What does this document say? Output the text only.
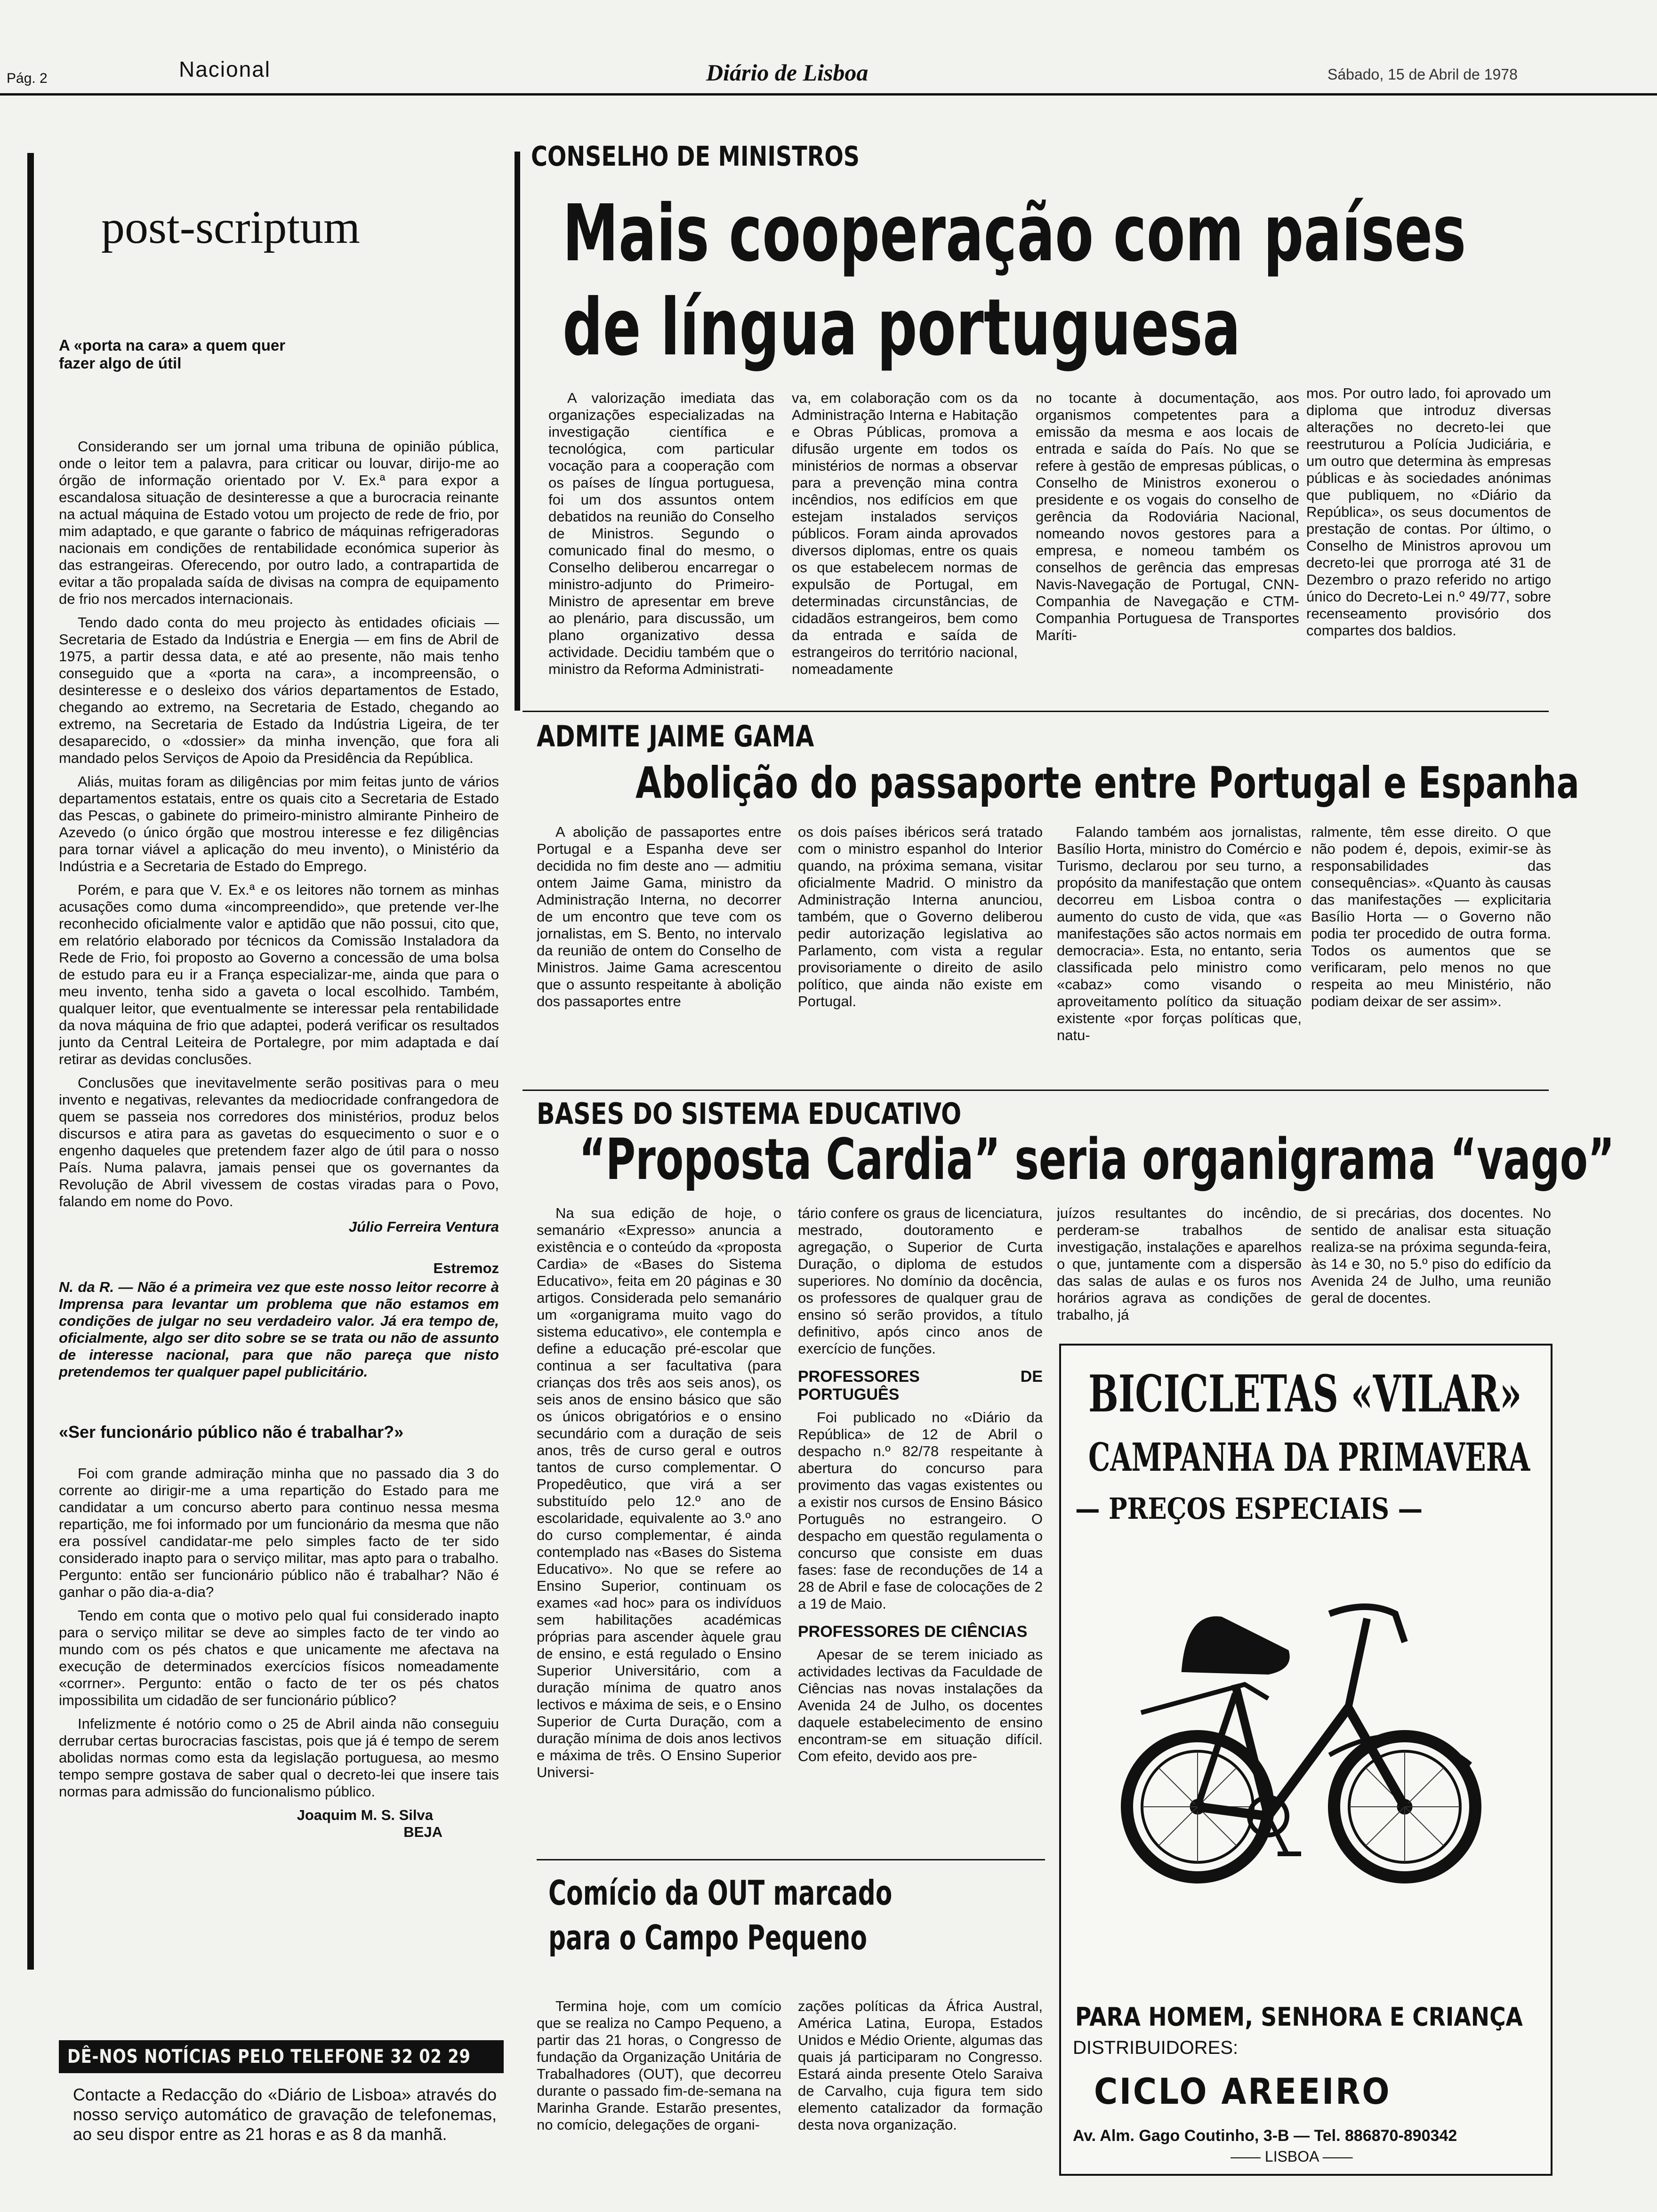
Pág. 2	Nacional	Diário de Lisboa	Sábado, 15 de Abril de 1978
post-scriptum
A «porta na cara» a quem quer fazer algo de útil

Considerando ser um jornal uma tribuna de opinião pública, onde o leitor tem a palavra, para criticar ou louvar, dirijo-me ao órgão de informação orientado por V. Ex.ª para expor a escandalosa situação de desinteresse a que a burocracia reinante na actual máquina de Estado votou um projecto de rede de frio, por mim adaptado, e que garante o fabrico de máquinas refrigeradoras nacionais em condições de rentabilidade económica superior às das estrangeiras. Oferecendo, por outro lado, a contrapartida de evitar a tão propalada saída de divisas na compra de equipamento de frio nos mercados internacionais.

Tendo dado conta do meu projecto às entidades oficiais — Secretaria de Estado da Indústria e Energia — em fins de Abril de 1975, a partir dessa data, e até ao presente, não mais tenho conseguido que a «porta na cara», a incompreensão, o desinteresse e o desleixo dos vários departamentos de Estado, chegando ao extremo, na Secretaria de Estado, chegando ao extremo, na Secretaria de Estado da Indústria Ligeira, de ter desaparecido, o «dossier» da minha invenção, que fora ali mandado pelos Serviços de Apoio da Presidência da República.

Aliás, muitas foram as diligências por mim feitas junto de vários departamentos estatais, entre os quais cito a Secretaria de Estado das Pescas, o gabinete do primeiro-ministro almirante Pinheiro de Azevedo (o único órgão que mostrou interesse e fez diligências para tornar viável a aplicação do meu invento), o Ministério da Indústria e a Secretaria de Estado do Emprego.

Porém, e para que V. Ex.ª e os leitores não tornem as minhas acusações como duma «incompreendido», que pretende ver-lhe reconhecido oficialmente valor e aptidão que não possui, cito que, em relatório elaborado por técnicos da Comissão Instaladora da Rede de Frio, foi proposto ao Governo a concessão de uma bolsa de estudo para eu ir a França especializar-me, ainda que para o meu invento, tenha sido a gaveta o local escolhido. Também, qualquer leitor, que eventualmente se interessar pela rentabilidade da nova máquina de frio que adaptei, poderá verificar os resultados junto da Central Leiteira de Portalegre, por mim adaptada e daí retirar as devidas conclusões.

Conclusões que inevitavelmente serão positivas para o meu invento e negativas, relevantes da mediocridade confrangedora de quem se passeia nos corredores dos ministérios, produz belos discursos e atira para as gavetas do esquecimento o suor e o engenho daqueles que pretendem fazer algo de útil para o nosso País. Numa palavra, jamais pensei que os governantes da Revolução de Abril vivessem de costas viradas para o Povo, falando em nome do Povo.

Júlio Ferreira Ventura
Estremoz
N. da R. — Não é a primeira vez que este nosso leitor recorre à Imprensa para levantar um problema que não estamos em condições de julgar no seu verdadeiro valor. Já era tempo de, oficialmente, algo ser dito sobre se se trata ou não de assunto de interesse nacional, para que não pareça que nisto pretendemos ter qualquer papel publicitário.
«Ser funcionário público não é trabalhar?»

Foi com grande admiração minha que no passado dia 3 do corrente ao dirigir-me a uma repartição do Estado para me candidatar a um concurso aberto para continuo nessa mesma repartição, me foi informado por um funcionário da mesma que não era possível candidatar-me pelo simples facto de ter sido considerado inapto para o serviço militar, mas apto para o trabalho. Pergunto: então ser funcionário público não é trabalhar? Não é ganhar o pão dia-a-dia?

Tendo em conta que o motivo pelo qual fui considerado inapto para o serviço militar se deve ao simples facto de ter vindo ao mundo com os pés chatos e que unicamente me afectava na execução de determinados exercícios físicos nomeadamente «corrner». Pergunto: então o facto de ter os pés chatos impossibilita um cidadão de ser funcionário público?

Infelizmente é notório como o 25 de Abril ainda não conseguiu derrubar certas burocracias fascistas, pois que já é tempo de serem abolidas normas como esta da legislação portuguesa, ao mesmo tempo sempre gostava de saber qual o decreto-lei que insere tais normas para admissão do funcionalismo público.

Joaquim M. S. Silva
BEJA
DÊ-NOS NOTÍCIAS PELO TELEFONE 32 02 29
Contacte a Redacção do «Diário de Lisboa» através do nosso serviço automático de gravação de telefonemas, ao seu dispor entre as 21 horas e as 8 da manhã.
CONSELHO DE MINISTROS
Mais cooperação com países
de língua portuguesa

A valorização imediata das organizações especializadas na investigação científica e tecnológica, com particular vocação para a cooperação com os países de língua portuguesa, foi um dos assuntos ontem debatidos na reunião do Conselho de Ministros. Segundo o comunicado final do mesmo, o Conselho deliberou encarregar o ministro-adjunto do Primeiro-Ministro de apresentar em breve ao plenário, para discussão, um plano organizativo dessa actividade. Decidiu também que o ministro da Reforma Administrati-

va, em colaboração com os da Administração Interna e Habitação e Obras Públicas, promova a difusão urgente em todos os ministérios de normas a observar para a prevenção mina contra incêndios, nos edifícios em que estejam instalados serviços públicos. Foram ainda aprovados diversos diplomas, entre os quais os que estabelecem normas de expulsão de Portugal, em determinadas circunstâncias, de cidadãos estrangeiros, bem como da entrada e saída de estrangeiros do território nacional, nomeadamente

no tocante à documentação, aos organismos competentes para a emissão da mesma e aos locais de entrada e saída do País. No que se refere à gestão de empresas públicas, o Conselho de Ministros exonerou o presidente e os vogais do conselho de gerência da Rodoviária Nacional, nomeando novos gestores para a empresa, e nomeou também os conselhos de gerência das empresas Navis-Navegação de Portugal, CNN-Companhia de Navegação e CTM-Companhia Portuguesa de Transportes Maríti-

mos. Por outro lado, foi aprovado um diploma que introduz diversas alterações no decreto-lei que reestruturou a Polícia Judiciária, e um outro que determina às empresas públicas e às sociedades anónimas que publiquem, no «Diário da República», os seus documentos de prestação de contas. Por último, o Conselho de Ministros aprovou um decreto-lei que prorroga até 31 de Dezembro o prazo referido no artigo único do Decreto-Lei n.º 49/77, sobre recenseamento provisório dos compartes dos baldios.

ADMITE JAIME GAMA
Abolição do passaporte entre Portugal e Espanha

A abolição de passaportes entre Portugal e a Espanha deve ser decidida no fim deste ano — admitiu ontem Jaime Gama, ministro da Administração Interna, no decorrer de um encontro que teve com os jornalistas, em S. Bento, no intervalo da reunião de ontem do Conselho de Ministros. Jaime Gama acrescentou que o assunto respeitante à abolição dos passaportes entre

os dois países ibéricos será tratado com o ministro espanhol do Interior quando, na próxima semana, visitar oficialmente Madrid. O ministro da Administração Interna anunciou, também, que o Governo deliberou pedir autorização legislativa ao Parlamento, com vista a regular provisoriamente o direito de asilo político, que ainda não existe em Portugal.

Falando também aos jornalistas, Basílio Horta, ministro do Comércio e Turismo, declarou por seu turno, a propósito da manifestação que ontem decorreu em Lisboa contra o aumento do custo de vida, que «as manifestações são actos normais em democracia». Esta, no entanto, seria classificada pelo ministro como «cabaz» como visando o aproveitamento político da situação existente «por forças políticas que, natu-

ralmente, têm esse direito. O que não podem é, depois, eximir-se às responsabilidades das consequências». «Quanto às causas das manifestações — explicitaria Basílio Horta — o Governo não podia ter procedido de outra forma. Todos os aumentos que se verificaram, pelo menos no que respeita ao meu Ministério, não podiam deixar de ser assim».

BASES DO SISTEMA EDUCATIVO
“Proposta Cardia” seria organigrama “vago”

Na sua edição de hoje, o semanário «Expresso» anuncia a existência e o conteúdo da «proposta Cardia» de «Bases do Sistema Educativo», feita em 20 páginas e 30 artigos. Considerada pelo semanário um «organigrama muito vago do sistema educativo», ele contempla e define a educação pré-escolar que continua a ser facultativa (para crianças dos três aos seis anos), os seis anos de ensino básico que são os únicos obrigatórios e o ensino secundário com a duração de seis anos, três de curso geral e outros tantos de curso complementar. O Propedêutico, que virá a ser substituído pelo 12.º ano de escolaridade, equivalente ao 3.º ano do curso complementar, é ainda contemplado nas «Bases do Sistema Educativo». No que se refere ao Ensino Superior, continuam os exames «ad hoc» para os indivíduos sem habilitações académicas próprias para ascender àquele grau de ensino, e está regulado o Ensino Superior Universitário, com a duração mínima de quatro anos lectivos e máxima de seis, e o Ensino Superior de Curta Duração, com a duração mínima de dois anos lectivos e máxima de três. O Ensino Superior Universi-

tário confere os graus de licenciatura, mestrado, doutoramento e agregação, o Superior de Curta Duração, o diploma de estudos superiores. No domínio da docência, os professores de qualquer grau de ensino só serão providos, a título definitivo, após cinco anos de exercício de funções.

PROFESSORES DE PORTUGUÊS

Foi publicado no «Diário da República» de 12 de Abril o despacho n.º 82/78 respeitante à abertura do concurso para provimento das vagas existentes ou a existir nos cursos de Ensino Básico Português no estrangeiro. O despacho em questão regulamenta o concurso que consiste em duas fases: fase de reconduções de 14 a 28 de Abril e fase de colocações de 2 a 19 de Maio.

PROFESSORES DE CIÊNCIAS

Apesar de se terem iniciado as actividades lectivas da Faculdade de Ciências nas novas instalações da Avenida 24 de Julho, os docentes daquele estabelecimento de ensino encontram-se em situação difícil. Com efeito, devido aos pre-

juízos resultantes do incêndio, perderam-se trabalhos de investigação, instalações e aparelhos o que, juntamente com a dispersão das salas de aulas e os furos nos horários agrava as condições de trabalho, já

de si precárias, dos docentes. No sentido de analisar esta situação realiza-se na próxima segunda-feira, às 14 e 30, no 5.º piso do edifício da Avenida 24 de Julho, uma reunião geral de docentes.

BICICLETAS «VILAR»
CAMPANHA DA PRIMAVERA
— PREÇOS ESPECIAIS —
PARA HOMEM, SENHORA E CRIANÇA
DISTRIBUIDORES:
CICLO AREEIRO
Av. Alm. Gago Coutinho, 3-B — Tel. 886870-890342
—— LISBOA ——
Comício da OUT marcado
para o Campo Pequeno

Termina hoje, com um comício que se realiza no Campo Pequeno, a partir das 21 horas, o Congresso de fundação da Organização Unitária de Trabalhadores (OUT), que decorreu durante o passado fim-de-semana na Marinha Grande. Estarão presentes, no comício, delegações de organi-

zações políticas da África Austral, América Latina, Europa, Estados Unidos e Médio Oriente, algumas das quais já participaram no Congresso. Estará ainda presente Otelo Saraiva de Carvalho, cuja figura tem sido elemento catalizador da formação desta nova organização.
